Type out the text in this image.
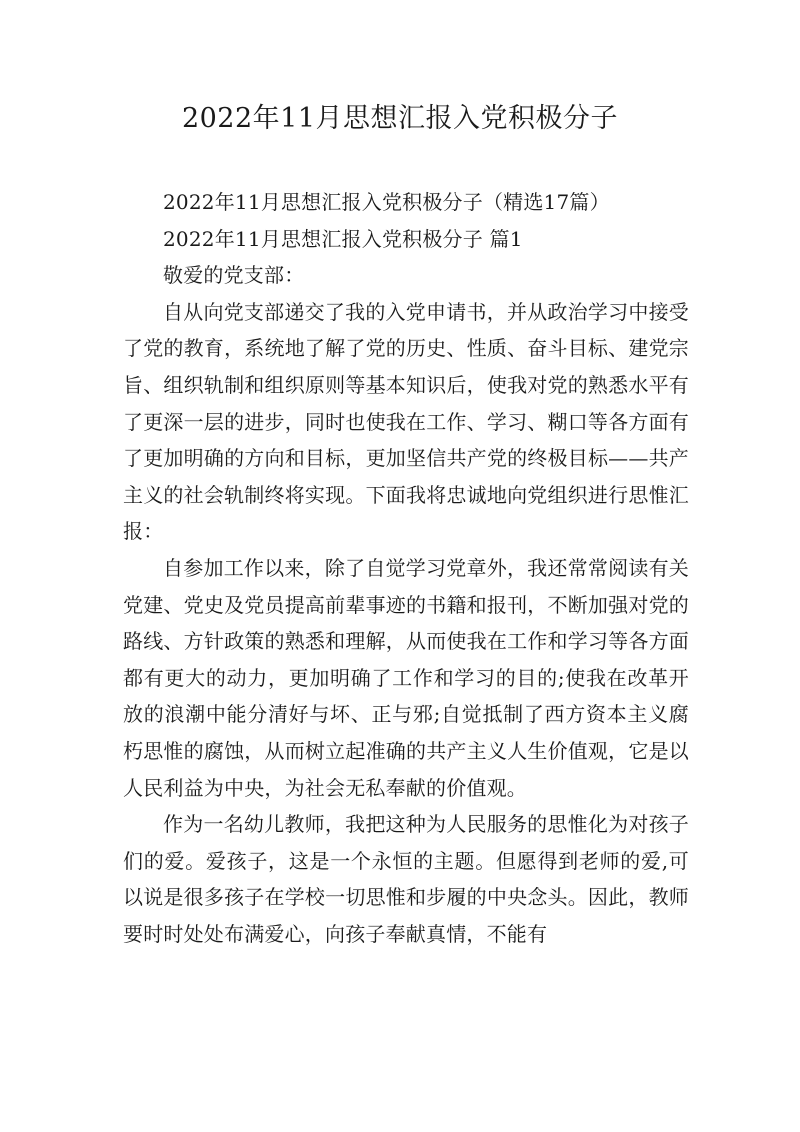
2022年11月思想汇报入党积极分子

2022年11月思想汇报入党积极分子（精选17篇）

2022年11月思想汇报入党积极分子 篇1

敬爱的党支部：

自从向党支部递交了我的入党申请书，并从政治学习中接受了党的教育，系统地了解了党的历史、性质、奋斗目标、建党宗旨、组织轨制和组织原则等基本知识后，使我对党的熟悉水平有了更深一层的进步，同时也使我在工作、学习、糊口等各方面有了更加明确的方向和目标，更加坚信共产党的终极目标——共产主义的社会轨制终将实现。下面我将忠诚地向党组织进行思惟汇报：

自参加工作以来，除了自觉学习党章外，我还常常阅读有关党建、党史及党员提高前辈事迹的书籍和报刊，不断加强对党的路线、方针政策的熟悉和理解，从而使我在工作和学习等各方面都有更大的动力，更加明确了工作和学习的目的;使我在改革开放的浪潮中能分清好与坏、正与邪;自觉抵制了西方资本主义腐朽思惟的腐蚀，从而树立起准确的共产主义人生价值观，它是以人民利益为中央，为社会无私奉献的价值观。

作为一名幼儿教师，我把这种为人民服务的思惟化为对孩子们的爱。爱孩子，这是一个永恒的主题。但愿得到老师的爱,可以说是很多孩子在学校一切思惟和步履的中央念头。因此，教师要时时处处布满爱心，向孩子奉献真情，不能有
